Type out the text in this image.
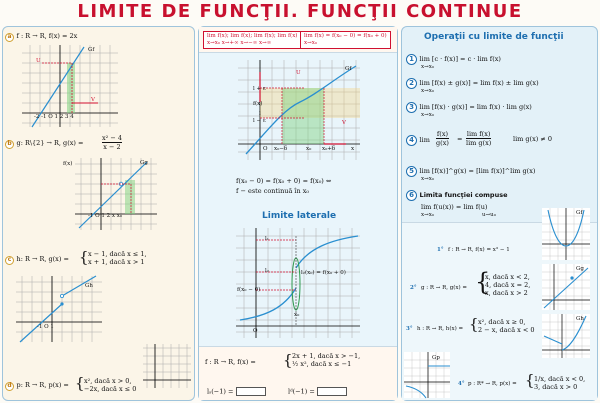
LIMITE DE FUNCŢII. FUNCŢII CONTINUE
a f : R → R, f(x) = 2x
Gf
U
V
-2 -1 O 1 2 3 4
b g: R\{2} → R, g(x) =	$\frac{\text{x² − 4}}{x - 2}$
f(x)	Gg
-1 O 1 2 x x₀
c h: R → R, g(x) = { x − 1, dacă x ≤ 1,
x + 1, dacă x > 1
Gh
-1 O 1
d p: R → R, p(x) = { x², dacă x > 0,
−2x, dacă x ≤ 0
lim f(x); lim f(x); lim f(x); lim f(x)
x→x₀ x→+∞ x→−∞ x→∞
lim f(x) = f(x₀ − 0) = f(x₀ + 0)
x→x₀
Gf
l + ε
f(x)
l
l − ε
U
V
O x₀−δ	x₀ x₀+δ	x
f(x₀ − 0) = f(x₀ + 0) = f(x₀) ⇔
f − este continuă în x₀
Limite laterale
l₁
l₂
f(x₀ − 0)
l₂(x₀) = f(x₀ + 0)
O
x₀
f : R → R, f(x) = { 2x + 1, dacă x > −1,
½ x², dacă x ≤ −1
lₛ(−1) =	lᵈ(−1) =
Operaţii cu limite de funcţii
1 lim [c · f(x)] = c · lim f(x)
x→x₀
2 lim [f(x) ± g(x)] = lim f(x) ± lim g(x)
x→x₀
3 lim [f(x) · g(x)] = lim f(x) · lim g(x)
x→x₀
4 $\lim \frac{f(x)}{g(x)}$ =
lim f(x)
lim g(x)	lim g(x) ≠ 0
5 lim [f(x)]^g(x) = [lim f(x)]^lim g(x)
x→x₀
6 Limita funcţiei compuse
lim f(u(x)) = lim f(u)
x→x₀	u→u₀
1° f : R → R, f(x) = x³ − 1
2° g : R → R, g(x) = {
x, dacă x < 2,
4, dacă x = 2,
x, dacă x > 2
3° h : R → R, h(x) = { x², dacă x ≥ 0,
2 − x, dacă x < 0
4° p : R* → R, p(x) = { 1/x, dacă x < 0,
3, dacă x > 0
Gf
Gg
Gh
Gp
